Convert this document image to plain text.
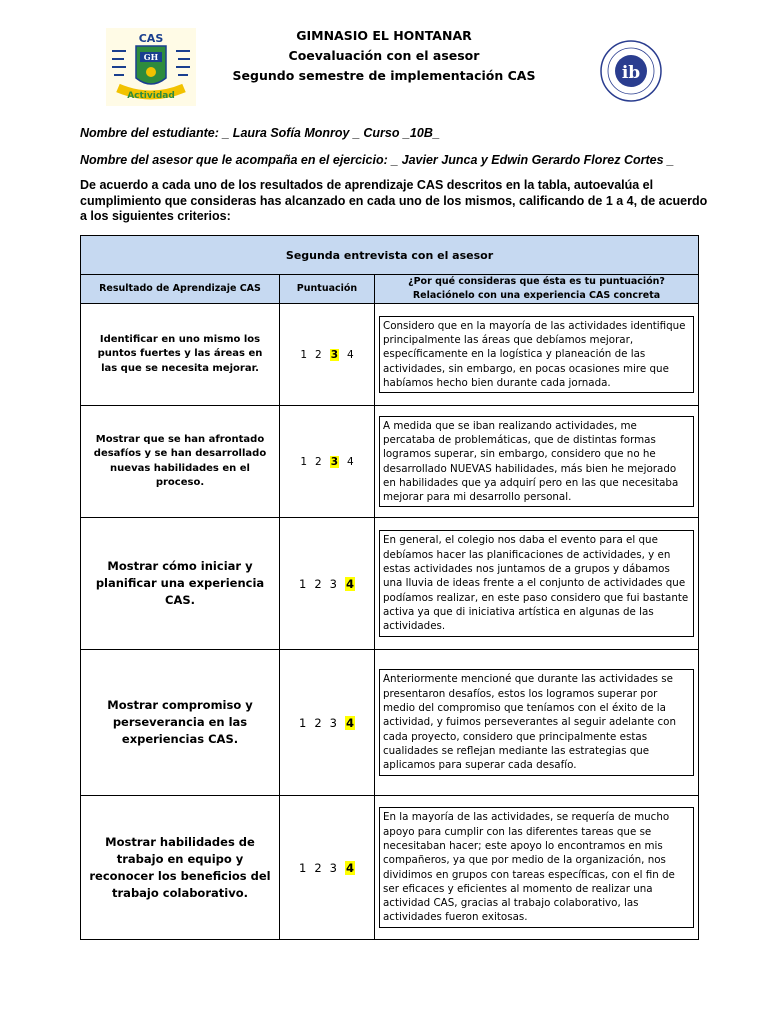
GIMNASIO EL HONTANAR
Coevaluación con el asesor
Segundo semestre de implementación CAS
CAS
GH
Actividad
ib
Nombre del estudiante: _ Laura Sofía Monroy _ Curso _10B_
Nombre del asesor que le acompaña en el ejercicio: _ Javier Junca y Edwin Gerardo Florez Cortes _
De acuerdo a cada uno de los resultados de aprendizaje CAS descritos en la tabla, autoevalúa el cumplimiento que consideras has alcanzado en cada uno de los mismos, calificando de 1 a 4, de acuerdo a los siguientes criterios:
Segunda entrevista con el asesor		
Resultado de Aprendizaje CAS	Puntuación	¿Por qué consideras que ésta es tu puntuación? Relaciónelo con una experiencia CAS concreta
Identificar en uno mismo los puntos fuertes y las áreas en las que se necesita mejorar.	1 2 3 4	Considero que en la mayoría de las actividades identifique principalmente las áreas que debíamos mejorar, específicamente en la logística y planeación de las actividades, sin embargo, en pocas ocasiones mire que habíamos hecho bien durante cada jornada.

Mostrar que se han afrontado desafíos y se han desarrollado nuevas habilidades en el proceso.	1 2 3 4	A medida que se iban realizando actividades, me percataba de problemáticas, que de distintas formas logramos superar, sin embargo, considero que no he desarrollado NUEVAS habilidades, más bien he mejorado en habilidades que ya adquirí pero en las que necesitaba mejorar para mi desarrollo personal.

Mostrar cómo iniciar y planificar una experiencia CAS.	1 2 3 4	En general, el colegio nos daba el evento para el que debíamos hacer las planificaciones de actividades, y en estas actividades nos juntamos de a grupos y dábamos una lluvia de ideas frente a el conjunto de actividades que podíamos realizar, en este paso considero que fui bastante activa ya que di iniciativa artística en algunas de las actividades.

Mostrar compromiso y perseverancia en las experiencias CAS.	1 2 3 4	Anteriormente mencioné que durante las actividades se presentaron desafíos, estos los logramos superar por medio del compromiso que teníamos con el éxito de la actividad, y fuimos perseverantes al seguir adelante con cada proyecto, considero que principalmente estas cualidades se reflejan mediante las estrategias que aplicamos para superar cada desafío.

Mostrar habilidades de trabajo en equipo y reconocer los beneficios del trabajo colaborativo.	1 2 3 4	En la mayoría de las actividades, se requería de mucho apoyo para cumplir con las diferentes tareas que se necesitaban hacer; este apoyo lo encontramos en mis compañeros, ya que por medio de la organización, nos dividimos en grupos con tareas específicas, con el fin de ser eficaces y eficientes al momento de realizar una actividad CAS, gracias al trabajo colaborativo, las actividades fueron exitosas.
